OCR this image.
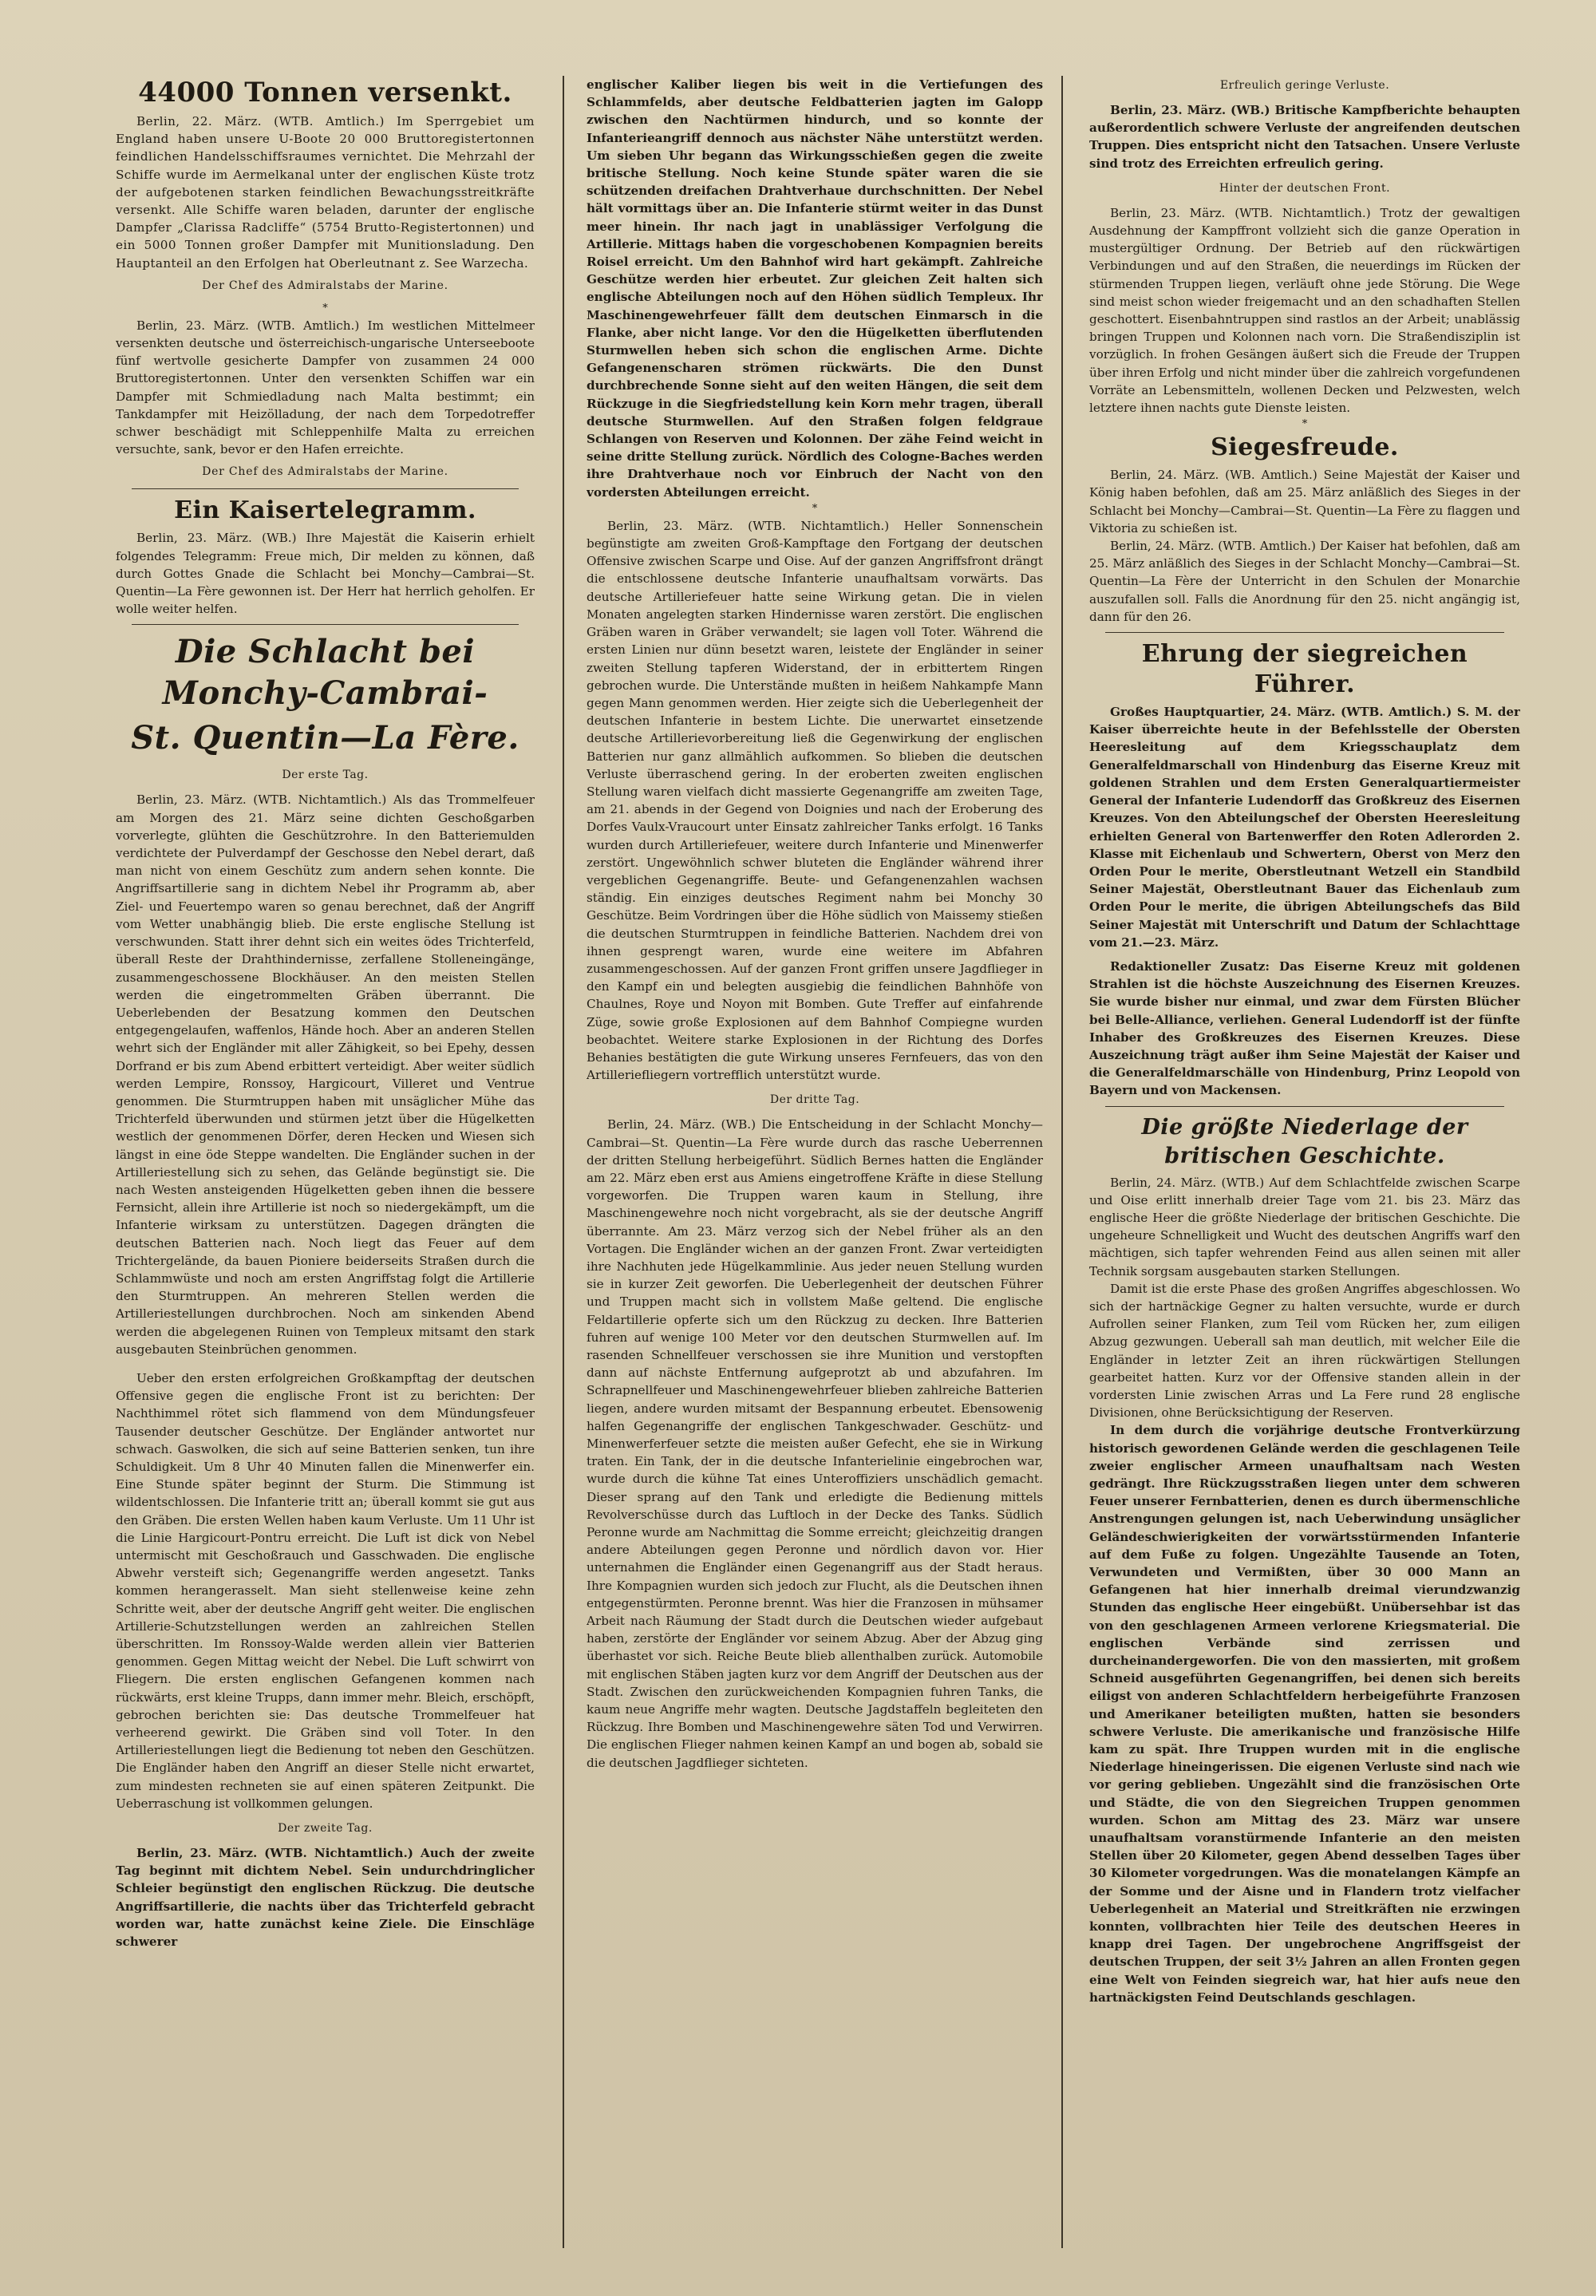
44000 Tonnen versenkt.

Berlin, 22. März. (WTB. Amtlich.) Im Sperrgebiet um England haben unsere U-Boote 20 000 Bruttoregistertonnen feindlichen Handelsschiffsraumes vernichtet. Die Mehrzahl der Schiffe wurde im Aermelkanal unter der englischen Küste trotz der aufgebotenen starken feindlichen Bewachungsstreitkräfte versenkt. Alle Schiffe waren beladen, darunter der englische Dampfer „Clarissa Radcliffe“ (5754 Brutto-Registertonnen) und ein 5000 Tonnen großer Dampfer mit Munitionsladung. Den Hauptanteil an den Erfolgen hat Oberleutnant z. See Warzecha.

Der Chef des Admiralstabs der Marine.
*

Berlin, 23. März. (WTB. Amtlich.) Im westlichen Mittelmeer versenkten deutsche und österreichisch-ungarische Unterseeboote fünf wertvolle gesicherte Dampfer von zusammen 24 000 Bruttoregistertonnen. Unter den versenkten Schiffen war ein Dampfer mit Schmiedladung nach Malta bestimmt; ein Tankdampfer mit Heizölladung, der nach dem Torpedotreffer schwer beschädigt mit Schleppenhilfe Malta zu erreichen versuchte, sank, bevor er den Hafen erreichte.

Der Chef des Admiralstabs der Marine.
Ein Kaisertelegramm.

Berlin, 23. März. (WB.) Ihre Majestät die Kaiserin erhielt folgendes Telegramm: Freue mich, Dir melden zu können, daß durch Gottes Gnade die Schlacht bei Monchy—Cambrai—St. Quentin—La Fère gewonnen ist. Der Herr hat herrlich geholfen. Er wolle weiter helfen.

Die Schlacht bei Monchy-Cambrai-
St. Quentin—La Fère.
Der erste Tag.

Berlin, 23. März. (WTB. Nichtamtlich.) Als das Trommelfeuer am Morgen des 21. März seine dichten Geschoßgarben vorverlegte, glühten die Geschützrohre. In den Batteriemulden verdichtete der Pulverdampf der Geschosse den Nebel derart, daß man nicht von einem Geschütz zum andern sehen konnte. Die Angriffsartillerie sang in dichtem Nebel ihr Programm ab, aber Ziel- und Feuertempo waren so genau berechnet, daß der Angriff vom Wetter unabhängig blieb. Die erste englische Stellung ist verschwunden. Statt ihrer dehnt sich ein weites ödes Trichterfeld, überall Reste der Drahthindernisse, zerfallene Stolleneingänge, zusammengeschossene Blockhäuser. An den meisten Stellen werden die eingetrommelten Gräben überrannt. Die Ueberlebenden der Besatzung kommen den Deutschen entgegengelaufen, waffenlos, Hände hoch. Aber an anderen Stellen wehrt sich der Engländer mit aller Zähigkeit, so bei Epehy, dessen Dorfrand er bis zum Abend erbittert verteidigt. Aber weiter südlich werden Lempire, Ronssoy, Hargicourt, Villeret und Ventrue genommen. Die Sturmtruppen haben mit unsäglicher Mühe das Trichterfeld überwunden und stürmen jetzt über die Hügelketten westlich der genommenen Dörfer, deren Hecken und Wiesen sich längst in eine öde Steppe wandelten. Die Engländer suchen in der Artilleriestellung sich zu sehen, das Gelände begünstigt sie. Die nach Westen ansteigenden Hügelketten geben ihnen die bessere Fernsicht, allein ihre Artillerie ist noch so niedergekämpft, um die Infanterie wirksam zu unterstützen. Dagegen drängten die deutschen Batterien nach. Noch liegt das Feuer auf dem Trichtergelände, da bauen Pioniere beiderseits Straßen durch die Schlammwüste und noch am ersten Angriffstag folgt die Artillerie den Sturmtruppen. An mehreren Stellen werden die Artilleriestellungen durchbrochen. Noch am sinkenden Abend werden die abgelegenen Ruinen von Templeux mitsamt den stark ausgebauten Steinbrüchen genommen.

Ueber den ersten erfolgreichen Großkampftag der deutschen Offensive gegen die englische Front ist zu berichten: Der Nachthimmel rötet sich flammend von dem Mündungsfeuer Tausender deutscher Geschütze. Der Engländer antwortet nur schwach. Gaswolken, die sich auf seine Batterien senken, tun ihre Schuldigkeit. Um 8 Uhr 40 Minuten fallen die Minenwerfer ein. Eine Stunde später beginnt der Sturm. Die Stimmung ist wildentschlossen. Die Infanterie tritt an; überall kommt sie gut aus den Gräben. Die ersten Wellen haben kaum Verluste. Um 11 Uhr ist die Linie Hargicourt-Pontru erreicht. Die Luft ist dick von Nebel untermischt mit Geschoßrauch und Gasschwaden. Die englische Abwehr versteift sich; Gegenangriffe werden angesetzt. Tanks kommen herangerasselt. Man sieht stellenweise keine zehn Schritte weit, aber der deutsche Angriff geht weiter. Die englischen Artillerie-Schutzstellungen werden an zahlreichen Stellen überschritten. Im Ronssoy-Walde werden allein vier Batterien genommen. Gegen Mittag weicht der Nebel. Die Luft schwirrt von Fliegern. Die ersten englischen Gefangenen kommen nach rückwärts, erst kleine Trupps, dann immer mehr. Bleich, erschöpft, gebrochen berichten sie: Das deutsche Trommelfeuer hat verheerend gewirkt. Die Gräben sind voll Toter. In den Artilleriestellungen liegt die Bedienung tot neben den Geschützen. Die Engländer haben den Angriff an dieser Stelle nicht erwartet, zum mindesten rechneten sie auf einen späteren Zeitpunkt. Die Ueberraschung ist vollkommen gelungen.

Der zweite Tag.

Berlin, 23. März. (WTB. Nichtamtlich.) Auch der zweite Tag beginnt mit dichtem Nebel. Sein undurchdringlicher Schleier begünstigt den englischen Rückzug. Die deutsche Angriffsartillerie, die nachts über das Trichterfeld gebracht worden war, hatte zunächst keine Ziele. Die Einschläge schwerer

englischer Kaliber liegen bis weit in die Vertiefungen des Schlammfelds, aber deutsche Feldbatterien jagten im Galopp zwischen den Nachtürmen hindurch, und so konnte der Infanterieangriff dennoch aus nächster Nähe unterstützt werden. Um sieben Uhr begann das Wirkungsschießen gegen die zweite britische Stellung. Noch keine Stunde später waren die sie schützenden dreifachen Drahtverhaue durchschnitten. Der Nebel hält vormittags über an. Die Infanterie stürmt weiter in das Dunst meer hinein. Ihr nach jagt in unablässiger Verfolgung die Artillerie. Mittags haben die vorgeschobenen Kompagnien bereits Roisel erreicht. Um den Bahnhof wird hart gekämpft. Zahlreiche Geschütze werden hier erbeutet. Zur gleichen Zeit halten sich englische Abteilungen noch auf den Höhen südlich Templeux. Ihr Maschinengewehrfeuer fällt dem deutschen Einmarsch in die Flanke, aber nicht lange. Vor den die Hügelketten überflutenden Sturmwellen heben sich schon die englischen Arme. Dichte Gefangenenscharen strömen rückwärts. Die den Dunst durchbrechende Sonne sieht auf den weiten Hängen, die seit dem Rückzuge in die Siegfriedstellung kein Korn mehr tragen, überall deutsche Sturmwellen. Auf den Straßen folgen feldgraue Schlangen von Reserven und Kolonnen. Der zähe Feind weicht in seine dritte Stellung zurück. Nördlich des Cologne-Baches werden ihre Drahtverhaue noch vor Einbruch der Nacht von den vordersten Abteilungen erreicht.

*

Berlin, 23. März. (WTB. Nichtamtlich.) Heller Sonnenschein begünstigte am zweiten Groß-Kampftage den Fortgang der deutschen Offensive zwischen Scarpe und Oise. Auf der ganzen Angriffsfront drängt die entschlossene deutsche Infanterie unaufhaltsam vorwärts. Das deutsche Artilleriefeuer hatte seine Wirkung getan. Die in vielen Monaten angelegten starken Hindernisse waren zerstört. Die englischen Gräben waren in Gräber verwandelt; sie lagen voll Toter. Während die ersten Linien nur dünn besetzt waren, leistete der Engländer in seiner zweiten Stellung tapferen Widerstand, der in erbittertem Ringen gebrochen wurde. Die Unterstände mußten in heißem Nahkampfe Mann gegen Mann genommen werden. Hier zeigte sich die Ueberlegenheit der deutschen Infanterie in bestem Lichte. Die unerwartet einsetzende deutsche Artillerievorbereitung ließ die Gegenwirkung der englischen Batterien nur ganz allmählich aufkommen. So blieben die deutschen Verluste überraschend gering. In der eroberten zweiten englischen Stellung waren vielfach dicht massierte Gegenangriffe am zweiten Tage, am 21. abends in der Gegend von Doignies und nach der Eroberung des Dorfes Vaulx-Vraucourt unter Einsatz zahlreicher Tanks erfolgt. 16 Tanks wurden durch Artilleriefeuer, weitere durch Infanterie und Minenwerfer zerstört. Ungewöhnlich schwer bluteten die Engländer während ihrer vergeblichen Gegenangriffe. Beute- und Gefangenenzahlen wachsen ständig. Ein einziges deutsches Regiment nahm bei Monchy 30 Geschütze. Beim Vordringen über die Höhe südlich von Maissemy stießen die deutschen Sturmtruppen in feindliche Batterien. Nachdem drei von ihnen gesprengt waren, wurde eine weitere im Abfahren zusammengeschossen. Auf der ganzen Front griffen unsere Jagdflieger in den Kampf ein und belegten ausgiebig die feindlichen Bahnhöfe von Chaulnes, Roye und Noyon mit Bomben. Gute Treffer auf einfahrende Züge, sowie große Explosionen auf dem Bahnhof Compiegne wurden beobachtet. Weitere starke Explosionen in der Richtung des Dorfes Behanies bestätigten die gute Wirkung unseres Fernfeuers, das von den Artilleriefliegern vortrefflich unterstützt wurde.

Der dritte Tag.

Berlin, 24. März. (WB.) Die Entscheidung in der Schlacht Monchy—Cambrai—St. Quentin—La Fère wurde durch das rasche Ueberrennen der dritten Stellung herbeigeführt. Südlich Bernes hatten die Engländer am 22. März eben erst aus Amiens eingetroffene Kräfte in diese Stellung vorgeworfen. Die Truppen waren kaum in Stellung, ihre Maschinengewehre noch nicht vorgebracht, als sie der deutsche Angriff überrannte. Am 23. März verzog sich der Nebel früher als an den Vortagen. Die Engländer wichen an der ganzen Front. Zwar verteidigten ihre Nachhuten jede Hügelkammlinie. Aus jeder neuen Stellung wurden sie in kurzer Zeit geworfen. Die Ueberlegenheit der deutschen Führer und Truppen macht sich in vollstem Maße geltend. Die englische Feldartillerie opferte sich um den Rückzug zu decken. Ihre Batterien fuhren auf wenige 100 Meter vor den deutschen Sturmwellen auf. Im rasenden Schnellfeuer verschossen sie ihre Munition und verstopften dann auf nächste Entfernung aufgeprotzt ab und abzufahren. Im Schrapnellfeuer und Maschinengewehrfeuer blieben zahlreiche Batterien liegen, andere wurden mitsamt der Bespannung erbeutet. Ebensowenig halfen Gegenangriffe der englischen Tankgeschwader. Geschütz- und Minenwerferfeuer setzte die meisten außer Gefecht, ehe sie in Wirkung traten. Ein Tank, der in die deutsche Infanterielinie eingebrochen war, wurde durch die kühne Tat eines Unteroffiziers unschädlich gemacht. Dieser sprang auf den Tank und erledigte die Bedienung mittels Revolverschüsse durch das Luftloch in der Decke des Tanks. Südlich Peronne wurde am Nachmittag die Somme erreicht; gleichzeitig drangen andere Abteilungen gegen Peronne und nördlich davon vor. Hier unternahmen die Engländer einen Gegenangriff aus der Stadt heraus. Ihre Kompagnien wurden sich jedoch zur Flucht, als die Deutschen ihnen entgegenstürmten. Peronne brennt. Was hier die Franzosen in mühsamer Arbeit nach Räumung der Stadt durch die Deutschen wieder aufgebaut haben, zerstörte der Engländer vor seinem Abzug. Aber der Abzug ging überhastet vor sich. Reiche Beute blieb allenthalben zurück. Automobile mit englischen Stäben jagten kurz vor dem Angriff der Deutschen aus der Stadt. Zwischen den zurückweichenden Kompagnien fuhren Tanks, die kaum neue Angriffe mehr wagten. Deutsche Jagdstaffeln begleiteten den Rückzug. Ihre Bomben und Maschinengewehre säten Tod und Verwirren. Die englischen Flieger nahmen keinen Kampf an und bogen ab, sobald sie die deutschen Jagdflieger sichteten.

Erfreulich geringe Verluste.

Berlin, 23. März. (WB.) Britische Kampfberichte behaupten außerordentlich schwere Verluste der angreifenden deutschen Truppen. Dies entspricht nicht den Tatsachen. Unsere Verluste sind trotz des Erreichten erfreulich gering.

Hinter der deutschen Front.

Berlin, 23. März. (WTB. Nichtamtlich.) Trotz der gewaltigen Ausdehnung der Kampffront vollzieht sich die ganze Operation in mustergültiger Ordnung. Der Betrieb auf den rückwärtigen Verbindungen und auf den Straßen, die neuerdings im Rücken der stürmenden Truppen liegen, verläuft ohne jede Störung. Die Wege sind meist schon wieder freigemacht und an den schadhaften Stellen geschottert. Eisenbahntruppen sind rastlos an der Arbeit; unablässig bringen Truppen und Kolonnen nach vorn. Die Straßendisziplin ist vorzüglich. In frohen Gesängen äußert sich die Freude der Truppen über ihren Erfolg und nicht minder über die zahlreich vorgefundenen Vorräte an Lebensmitteln, wollenen Decken und Pelzwesten, welch letztere ihnen nachts gute Dienste leisten.

*
Siegesfreude.

Berlin, 24. März. (WB. Amtlich.) Seine Majestät der Kaiser und König haben befohlen, daß am 25. März anläßlich des Sieges in der Schlacht bei Monchy—Cambrai—St. Quentin—La Fère zu flaggen und Viktoria zu schießen ist.

Berlin, 24. März. (WTB. Amtlich.) Der Kaiser hat befohlen, daß am 25. März anläßlich des Sieges in der Schlacht Monchy—Cambrai—St. Quentin—La Fère der Unterricht in den Schulen der Monarchie auszufallen soll. Falls die Anordnung für den 25. nicht angängig ist, dann für den 26.

Ehrung der siegreichen Führer.

Großes Hauptquartier, 24. März. (WTB. Amtlich.) S. M. der Kaiser überreichte heute in der Befehlsstelle der Obersten Heeresleitung auf dem Kriegsschauplatz dem Generalfeldmarschall von Hindenburg das Eiserne Kreuz mit goldenen Strahlen und dem Ersten Generalquartiermeister General der Infanterie Ludendorff das Großkreuz des Eisernen Kreuzes. Von den Abteilungschef der Obersten Heeresleitung erhielten General von Bartenwerffer den Roten Adlerorden 2. Klasse mit Eichenlaub und Schwertern, Oberst von Merz den Orden Pour le merite, Oberstleutnant Wetzell ein Standbild Seiner Majestät, Oberstleutnant Bauer das Eichenlaub zum Orden Pour le merite, die übrigen Abteilungschefs das Bild Seiner Majestät mit Unterschrift und Datum der Schlachttage vom 21.—23. März.

Redaktioneller Zusatz: Das Eiserne Kreuz mit goldenen Strahlen ist die höchste Auszeichnung des Eisernen Kreuzes. Sie wurde bisher nur einmal, und zwar dem Fürsten Blücher bei Belle-Alliance, verliehen. General Ludendorff ist der fünfte Inhaber des Großkreuzes des Eisernen Kreuzes. Diese Auszeichnung trägt außer ihm Seine Majestät der Kaiser und die Generalfeldmarschälle von Hindenburg, Prinz Leopold von Bayern und von Mackensen.

Die größte Niederlage der britischen Geschichte.

Berlin, 24. März. (WTB.) Auf dem Schlachtfelde zwischen Scarpe und Oise erlitt innerhalb dreier Tage vom 21. bis 23. März das englische Heer die größte Niederlage der britischen Geschichte. Die ungeheure Schnelligkeit und Wucht des deutschen Angriffs warf den mächtigen, sich tapfer wehrenden Feind aus allen seinen mit aller Technik sorgsam ausgebauten starken Stellungen.

Damit ist die erste Phase des großen Angriffes abgeschlossen. Wo sich der hartnäckige Gegner zu halten versuchte, wurde er durch Aufrollen seiner Flanken, zum Teil vom Rücken her, zum eiligen Abzug gezwungen. Ueberall sah man deutlich, mit welcher Eile die Engländer in letzter Zeit an ihren rückwärtigen Stellungen gearbeitet hatten. Kurz vor der Offensive standen allein in der vordersten Linie zwischen Arras und La Fere rund 28 englische Divisionen, ohne Berücksichtigung der Reserven.

In dem durch die vorjährige deutsche Frontverkürzung historisch gewordenen Gelände werden die geschlagenen Teile zweier englischer Armeen unaufhaltsam nach Westen gedrängt. Ihre Rückzugsstraßen liegen unter dem schweren Feuer unserer Fernbatterien, denen es durch übermenschliche Anstrengungen gelungen ist, nach Ueberwindung unsäglicher Geländeschwierigkeiten der vorwärtsstürmenden Infanterie auf dem Fuße zu folgen. Ungezählte Tausende an Toten, Verwundeten und Vermißten, über 30 000 Mann an Gefangenen hat hier innerhalb dreimal vierundzwanzig Stunden das englische Heer eingebüßt. Unübersehbar ist das von den geschlagenen Armeen verlorene Kriegsmaterial. Die englischen Verbände sind zerrissen und durcheinandergeworfen. Die von den massierten, mit großem Schneid ausgeführten Gegenangriffen, bei denen sich bereits eiligst von anderen Schlachtfeldern herbeigeführte Franzosen und Amerikaner beteiligten mußten, hatten sie besonders schwere Verluste. Die amerikanische und französische Hilfe kam zu spät. Ihre Truppen wurden mit in die englische Niederlage hineingerissen. Die eigenen Verluste sind nach wie vor gering geblieben. Ungezählt sind die französischen Orte und Städte, die von den Siegreichen Truppen genommen wurden. Schon am Mittag des 23. März war unsere unaufhaltsam voranstürmende Infanterie an den meisten Stellen über 20 Kilometer, gegen Abend desselben Tages über 30 Kilometer vorgedrungen. Was die monatelangen Kämpfe an der Somme und der Aisne und in Flandern trotz vielfacher Ueberlegenheit an Material und Streitkräften nie erzwingen konnten, vollbrachten hier Teile des deutschen Heeres in knapp drei Tagen. Der ungebrochene Angriffsgeist der deutschen Truppen, der seit 3½ Jahren an allen Fronten gegen eine Welt von Feinden siegreich war, hat hier aufs neue den hartnäckigsten Feind Deutschlands geschlagen.
